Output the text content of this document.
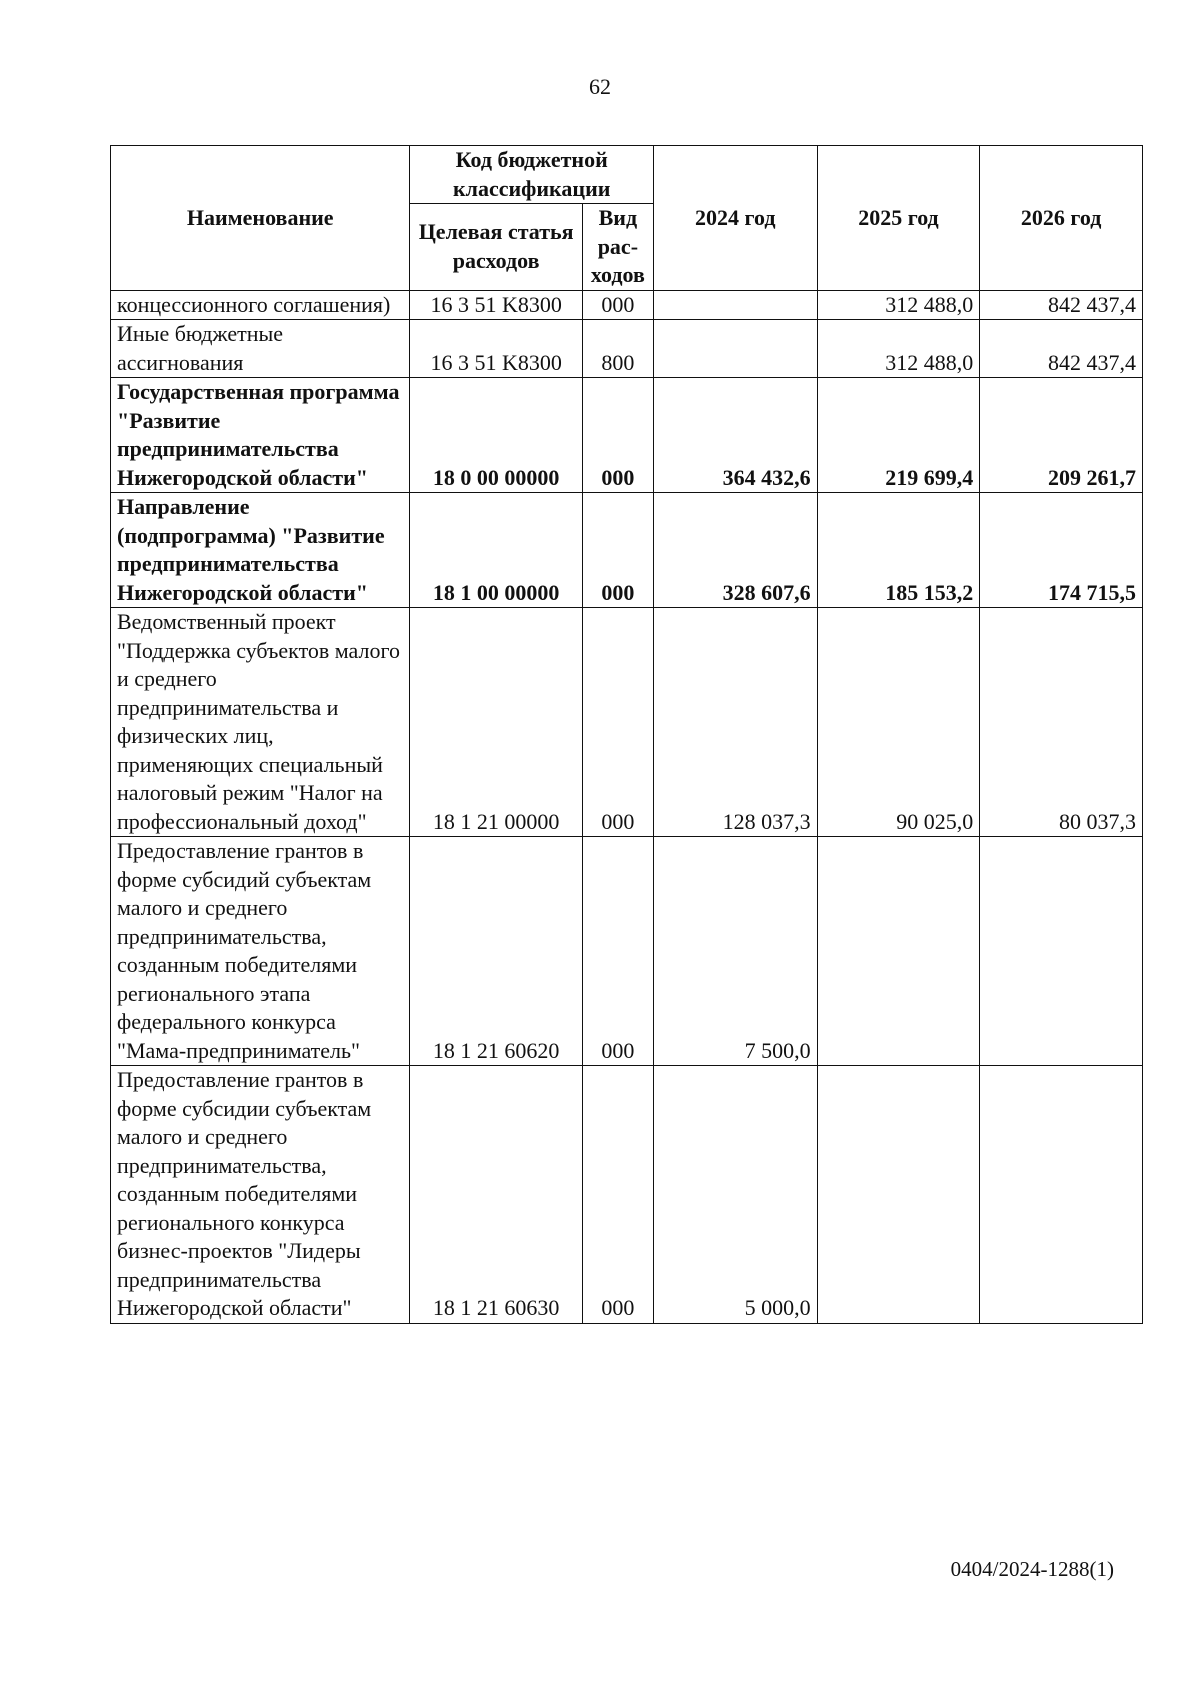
62
Наименование	Код бюджетной классификации		2024 год	2025 год	2026 год
	Целевая статья расходов	Вид рас-ходов			
концессионного соглашения)	16 3 51 K8300	000		312 488,0	842 437,4
Иные бюджетные ассигнования	16 3 51 K8300	800		312 488,0	842 437,4
Государственная программа "Развитие предпринимательства Нижегородской области"	18 0 00 00000	000	364 432,6	219 699,4	209 261,7
Направление (подпрограмма) "Развитие предпринимательства Нижегородской области"	18 1 00 00000	000	328 607,6	185 153,2	174 715,5
Ведомственный проект "Поддержка субъектов малого и среднего предпринимательства и физических лиц, применяющих специальный налоговый режим "Налог на профессиональный доход"	18 1 21 00000	000	128 037,3	90 025,0	80 037,3
Предоставление грантов в форме субсидий субъектам малого и среднего предпринимательства, созданным победителями регионального этапа федерального конкурса "Мама-предприниматель"	18 1 21 60620	000	7 500,0		
Предоставление грантов в форме субсидии субъектам малого и среднего предпринимательства, созданным победителями регионального конкурса бизнес-проектов "Лидеры предпринимательства Нижегородской области"	18 1 21 60630	000	5 000,0		
0404/2024-1288(1)
